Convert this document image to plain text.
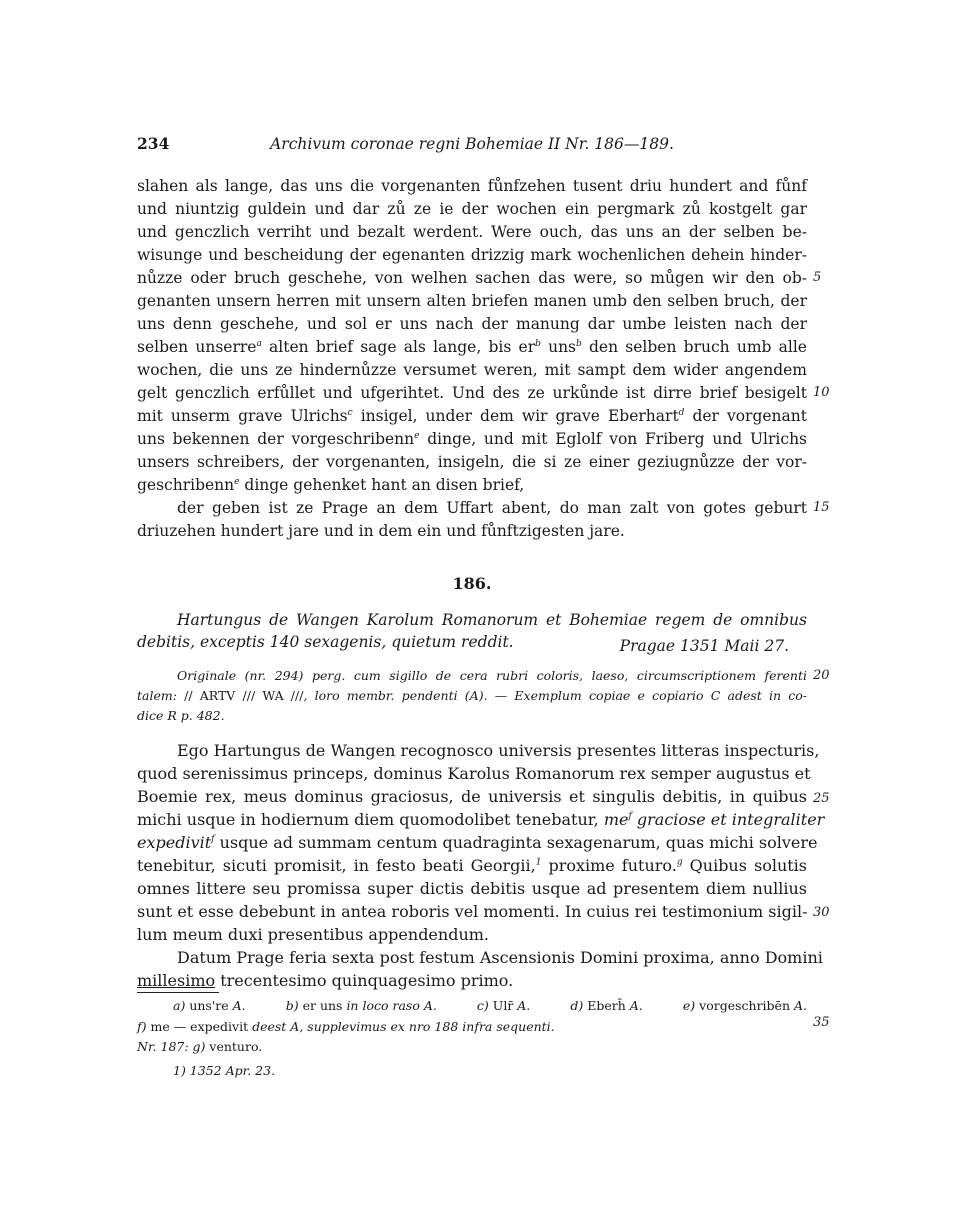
234	Archivum coronae regni Bohemiae II Nr. 186—189.
slahen als lange, das uns die vorgenanten fůnfzehen tusent driu hundert and fůnf
und niuntzig guldein und dar zů ze ie der wochen ein pergmark zů kostgelt gar
und genczlich verriht und bezalt werdent. Were ouch, das uns an der selben be-
wisunge und bescheidung der egenanten drizzig mark wochenlichen dehein hinder-
nůzze oder bruch geschehe, von welhen sachen das were, so můgen wir den ob-
genanten unsern herren mit unsern alten briefen manen umb den selben bruch, der
uns denn geschehe, und sol er uns nach der manung dar umbe leisten nach der
selben unserre$^a$ alten brief sage als lange, bis $er^b$ uns$^b$ den selben bruch umb alle
wochen, die uns ze hindernůzze versumet weren, mit sampt dem wider angendem
gelt genczlich erfůllet und ufgerihtet. Und des ze urkůnde ist dirre brief besigelt
mit unserm grave Ulrichs$^c$ insigel, under dem wir grave Eberhart$^d$ der vorgenant
uns bekennen der vorgeschribenn$^e$ dinge, und mit Eglolf von Friberg und Ulrichs
unsers schreibers, der vorgenanten, insigeln, die si ze einer geziugnůzze der vor-
geschribenn$^e$ dinge gehenket hant an disen brief,
der geben ist ze Prage an dem Uffart abent, do man zalt von gotes geburt
driuzehen hundert jare und in dem ein und fůnftzigesten jare.
5
10
15
20
25
30
35
186.
Hartungus de Wangen Karolum Romanorum et Bohemiae regem de omnibus
debitis, exceptis 140 sexagenis, quietum reddit.	Pragae 1351 Maii 27.
Originale (nr. 294) perg. cum sigillo de cera rubri coloris, laeso, circumscriptionem ferenti
talem: // ARTV /// WA ///, loro membr. pendenti (A). — Exemplum copiae e copiario C adest in co-
dice R p. 482.
Ego Hartungus de Wangen recognosco universis presentes litteras inspecturis,
quod serenissimus princeps, dominus Karolus Romanorum rex semper augustus et
Boemie rex, meus dominus graciosus, de universis et singulis debitis, in quibus
michi usque in hodiernum diem quomodolibet tenebatur, $me^f$ graciose et integraliter
expedivit$^f$ usque ad summam centum quadraginta sexagenarum, quas michi solvere
tenebitur, sicuti promisit, in festo beati Georgii,$^1$ proxime futuro.$^g$ Quibus solutis
omnes littere seu promissa super dictis debitis usque ad presentem diem nullius
sunt et esse debebunt in antea roboris vel momenti. In cuius rei testimonium sigil-
lum meum duxi presentibus appendendum.
Datum Prage feria sexta post festum Ascensionis Domini proxima, anno Domini
millesimo trecentesimo quinquagesimo primo.
a) uns're A.	b) er uns in loco raso A.	c) Ulr̄ A.	d) Eberh̄ A.	e) vorgeschribēn A.
f) me — expedivit deest A, supplevimus ex nro 188 infra sequenti.
Nr. 187: g) venturo.
1) 1352 Apr. 23.
